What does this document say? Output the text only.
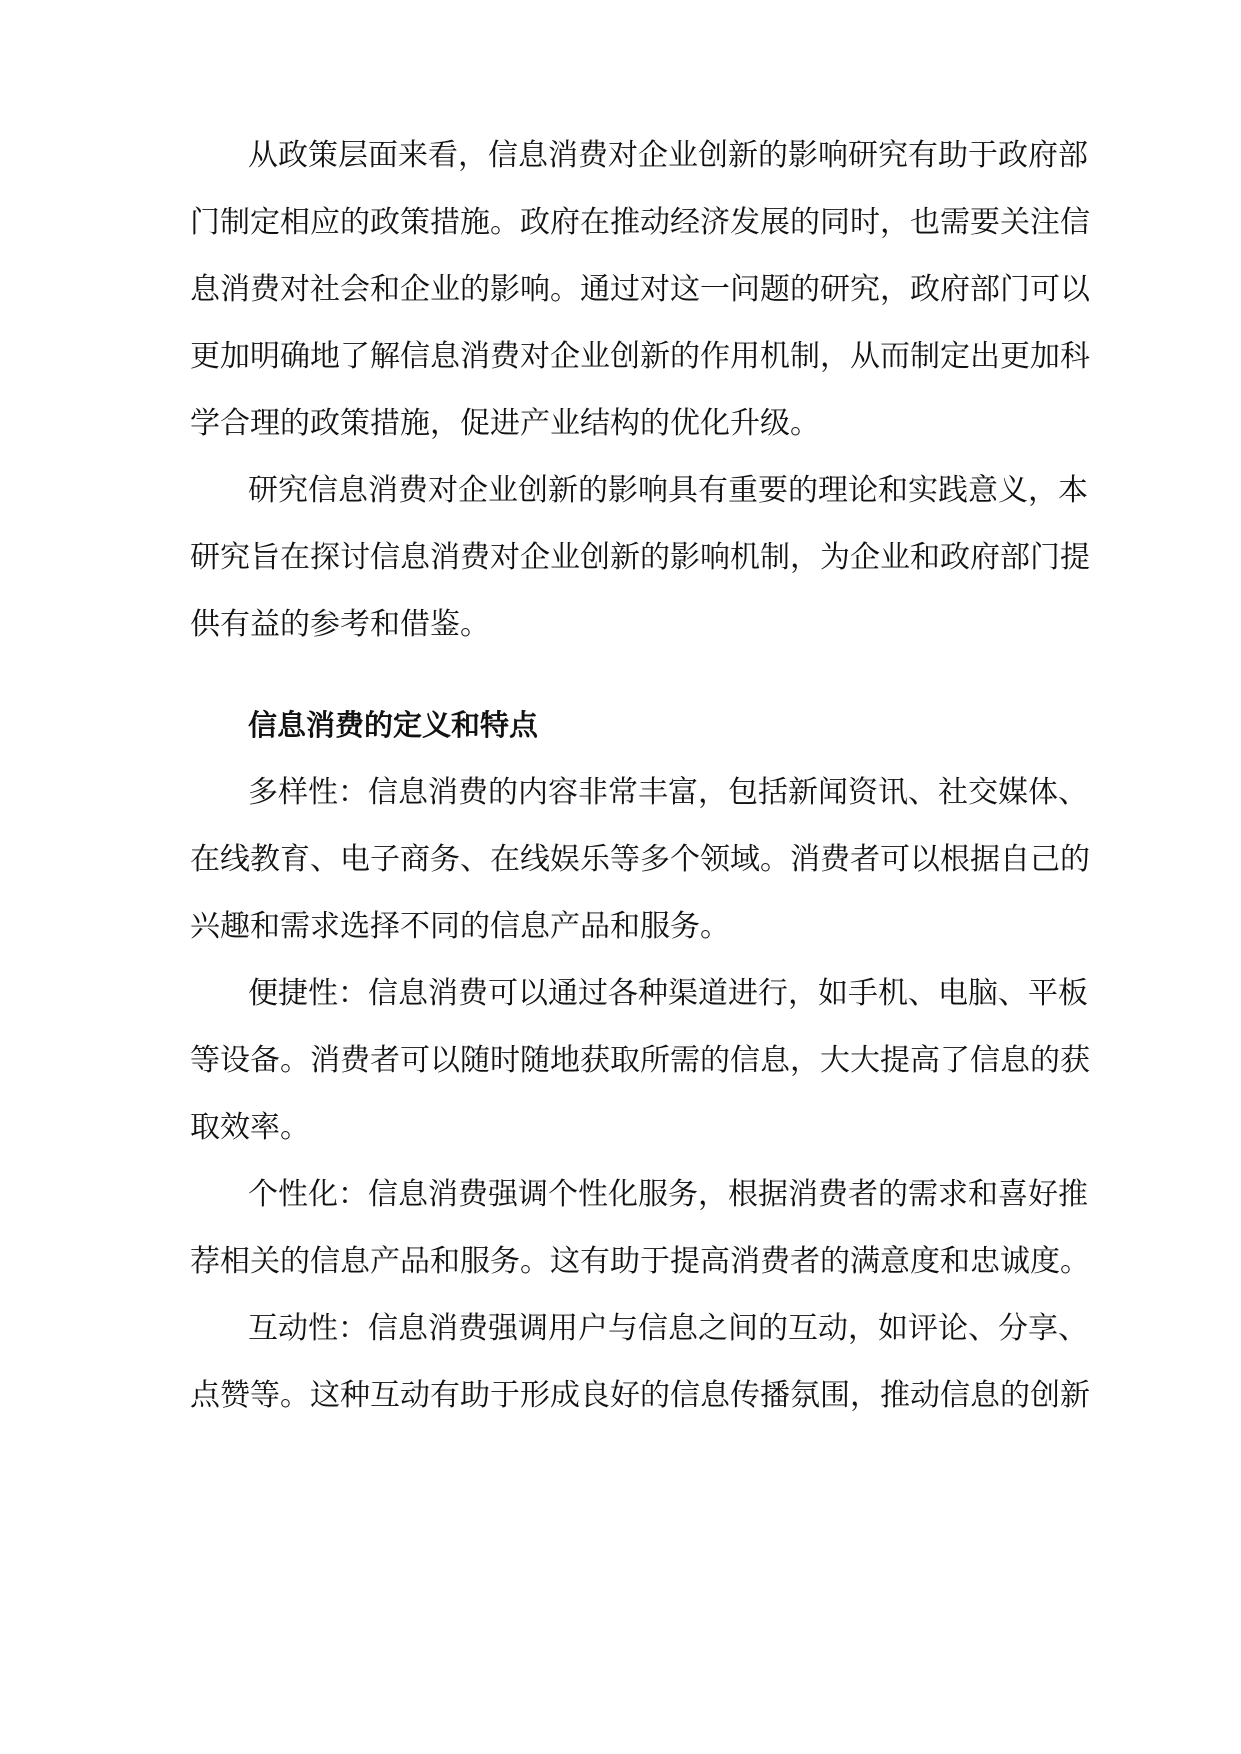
从政策层面来看，信息消费对企业创新的影响研究有助于政府部
门制定相应的政策措施。政府在推动经济发展的同时，也需要关注信
息消费对社会和企业的影响。通过对这一问题的研究，政府部门可以
更加明确地了解信息消费对企业创新的作用机制，从而制定出更加科
学合理的政策措施，促进产业结构的优化升级。
研究信息消费对企业创新的影响具有重要的理论和实践意义，本
研究旨在探讨信息消费对企业创新的影响机制，为企业和政府部门提
供有益的参考和借鉴。
信息消费的定义和特点
多样性：信息消费的内容非常丰富，包括新闻资讯、社交媒体、
在线教育、电子商务、在线娱乐等多个领域。消费者可以根据自己的
兴趣和需求选择不同的信息产品和服务。
便捷性：信息消费可以通过各种渠道进行，如手机、电脑、平板
等设备。消费者可以随时随地获取所需的信息，大大提高了信息的获
取效率。
个性化：信息消费强调个性化服务，根据消费者的需求和喜好推
荐相关的信息产品和服务。这有助于提高消费者的满意度和忠诚度。
互动性：信息消费强调用户与信息之间的互动，如评论、分享、
点赞等。这种互动有助于形成良好的信息传播氛围，推动信息的创新
